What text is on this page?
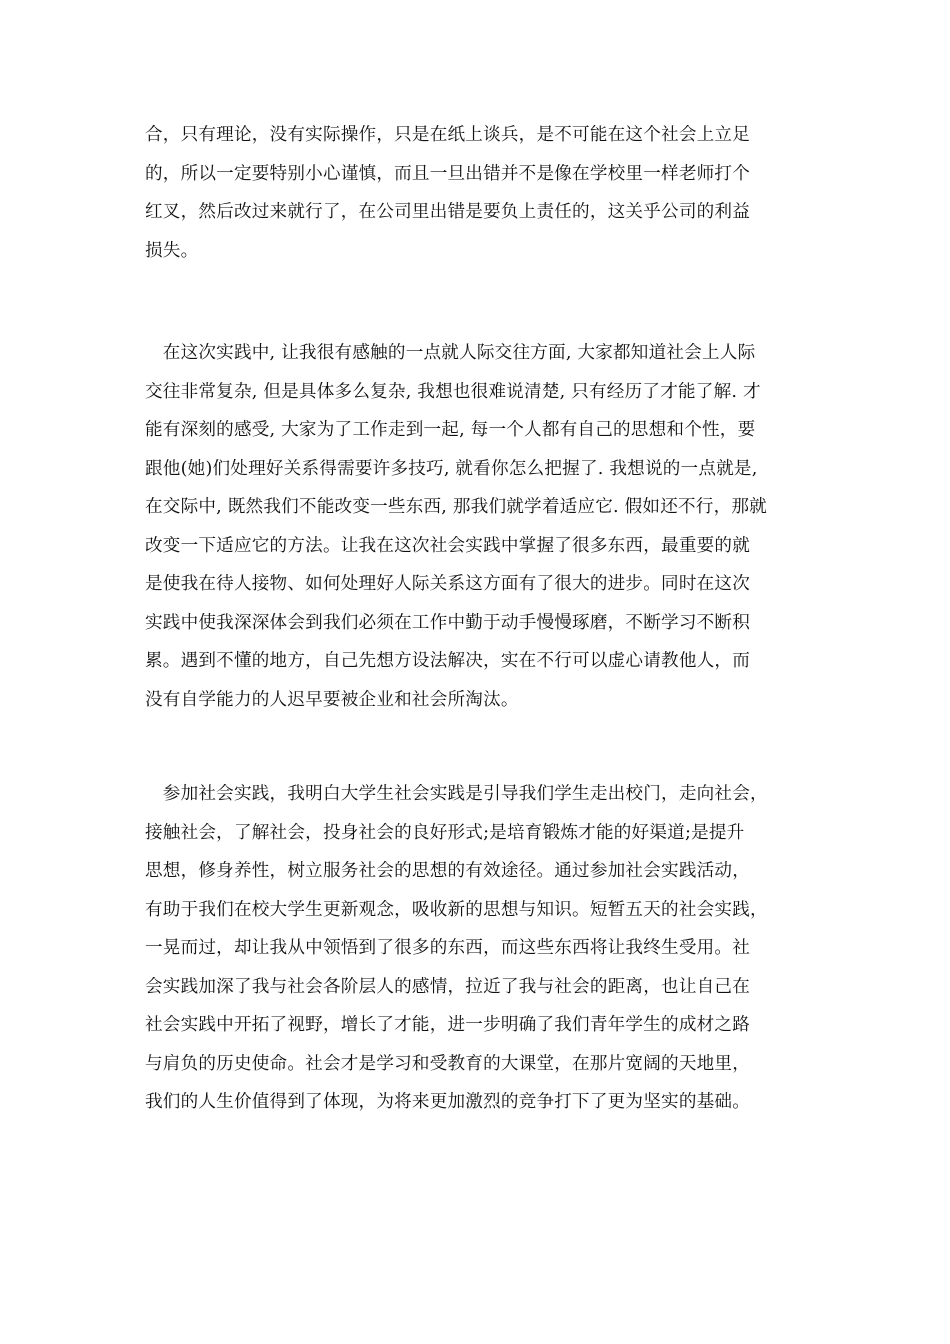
合，只有理论，没有实际操作，只是在纸上谈兵，是不可能在这个社会上立足
的，所以一定要特别小心谨慎，而且一旦出错并不是像在学校里一样老师打个
红叉，然后改过来就行了，在公司里出错是要负上责任的，这关乎公司的利益
损失。
　在这次实践中, 让我很有感触的一点就人际交往方面, 大家都知道社会上人际
交往非常复杂, 但是具体多么复杂, 我想也很难说清楚, 只有经历了才能了解. 才
能有深刻的感受, 大家为了工作走到一起, 每一个人都有自己的思想和个性，要
跟他(她)们处理好关系得需要许多技巧, 就看你怎么把握了. 我想说的一点就是,
在交际中, 既然我们不能改变一些东西, 那我们就学着适应它. 假如还不行，那就
改变一下适应它的方法。让我在这次社会实践中掌握了很多东西，最重要的就
是使我在待人接物、如何处理好人际关系这方面有了很大的进步。同时在这次
实践中使我深深体会到我们必须在工作中勤于动手慢慢琢磨，不断学习不断积
累。遇到不懂的地方，自己先想方设法解决，实在不行可以虚心请教他人，而
没有自学能力的人迟早要被企业和社会所淘汰。
　参加社会实践，我明白大学生社会实践是引导我们学生走出校门，走向社会，
接触社会，了解社会，投身社会的良好形式;是培育锻炼才能的好渠道;是提升
思想，修身养性，树立服务社会的思想的有效途径。通过参加社会实践活动，
有助于我们在校大学生更新观念，吸收新的思想与知识。短暂五天的社会实践，
一晃而过，却让我从中领悟到了很多的东西，而这些东西将让我终生受用。社
会实践加深了我与社会各阶层人的感情，拉近了我与社会的距离，也让自己在
社会实践中开拓了视野，增长了才能，进一步明确了我们青年学生的成材之路
与肩负的历史使命。社会才是学习和受教育的大课堂，在那片宽阔的天地里，
我们的人生价值得到了体现，为将来更加激烈的竞争打下了更为坚实的基础。
